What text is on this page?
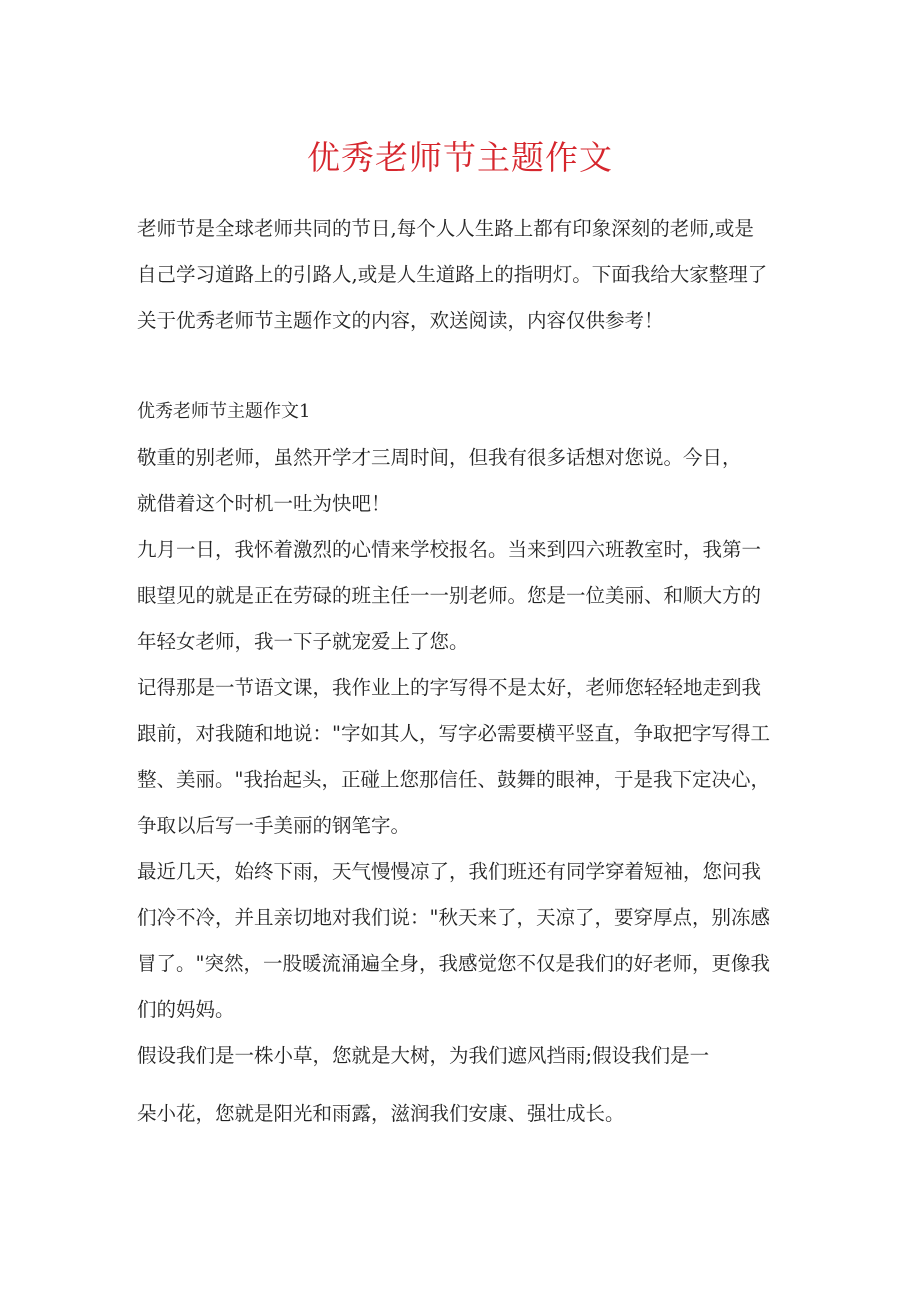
优秀老师节主题作文

老师节是全球老师共同的节日,每个人人生路上都有印象深刻的老师,或是

自己学习道路上的引路人,或是人生道路上的指明灯。下面我给大家整理了

关于优秀老师节主题作文的内容，欢送阅读，内容仅供参考！

优秀老师节主题作文1

敬重的别老师，虽然开学才三周时间，但我有很多话想对您说。今日，

就借着这个时机一吐为快吧！

九月一日，我怀着激烈的心情来学校报名。当来到四六班教室时，我第一

眼望见的就是正在劳碌的班主任一一别老师。您是一位美丽、和顺大方的

年轻女老师，我一下子就宠爱上了您。

记得那是一节语文课，我作业上的字写得不是太好，老师您轻轻地走到我

跟前，对我随和地说："字如其人，写字必需要横平竖直，争取把字写得工

整、美丽。"我抬起头，正碰上您那信任、鼓舞的眼神，于是我下定决心，

争取以后写一手美丽的钢笔字。

最近几天，始终下雨，天气慢慢凉了，我们班还有同学穿着短袖，您问我

们冷不冷，并且亲切地对我们说："秋天来了，天凉了，要穿厚点，别冻感

冒了。"突然，一股暖流涌遍全身，我感觉您不仅是我们的好老师，更像我

们的妈妈。

假设我们是一株小草，您就是大树，为我们遮风挡雨;假设我们是一

朵小花，您就是阳光和雨露，滋润我们安康、强壮成长。
